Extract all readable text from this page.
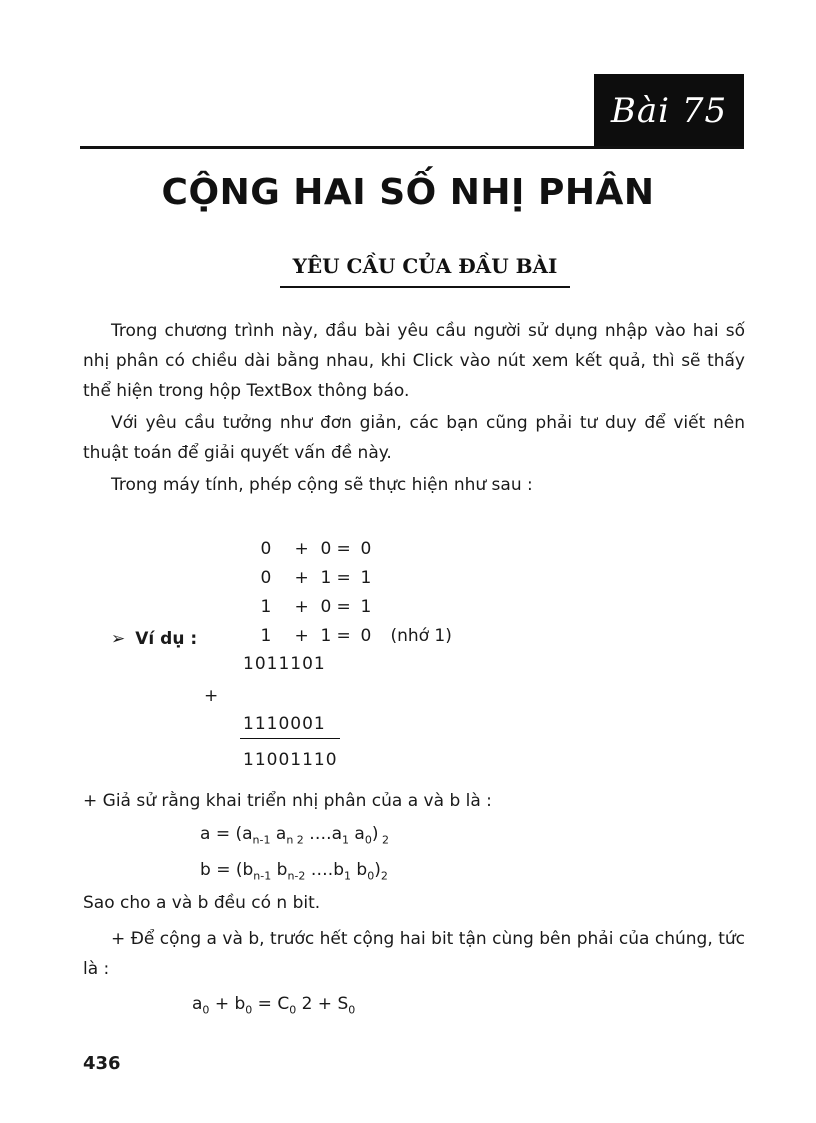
Bài 75
CỘNG HAI SỐ NHỊ PHÂN
YÊU CẦU CỦA ĐẦU BÀI
Trong chương trình này, đầu bài yêu cầu người sử dụng nhập vào hai số nhị phân có chiều dài bằng nhau, khi Click vào nút xem kết quả, thì sẽ thấy thể hiện trong hộp TextBox thông báo.
Với yêu cầu tưởng như đơn giản, các bạn cũng phải tư duy để viết nên thuật toán để giải quyết vấn đề này.
Trong máy tính, phép cộng sẽ thực hiện như sau :

0 + 0 = 0

0 + 1 = 1

1 + 0 = 1

1 + 1 = 0 (nhớ 1)

➢ Ví dụ :
1011101
+
1110001
11001110
+ Giả sử rằng khai triển nhị phân của a và b là :
$a = (a_{n-1}$ $a_{n 2}$ $\dots.a_1$ $a_0$) $_2$
$b = (b_{n-1}$ $b_{n-2}$ $\dots.b_1$ $b_0)_2$
Sao cho a và b đều có n bit.
+ Để cộng a và b, trước hết cộng hai bit tận cùng bên phải của chúng, tức là :
$a_0 + b_0 = C_0$ $2 + S_0$
436
